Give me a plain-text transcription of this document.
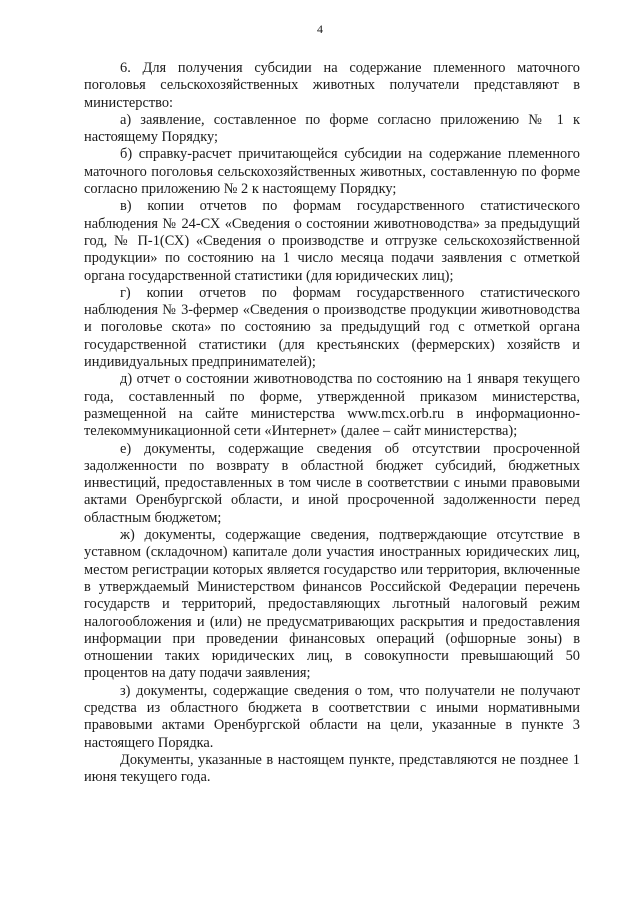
4

6. Для получения субсидии на содержание племенного маточного поголовья сельскохозяйственных животных получатели представляют в министерство:

а) заявление, составленное по форме согласно приложению № 1 к настоящему Порядку;

б) справку-расчет причитающейся субсидии на содержание племенного маточного поголовья сельскохозяйственных животных, составленную по форме согласно приложению № 2 к настоящему Порядку;

в) копии отчетов по формам государственного статистического наблюдения № 24-СХ «Сведения о состоянии животноводства» за предыдущий год, № П-1(СХ) «Сведения о производстве и отгрузке сельскохозяйственной продукции» по состоянию на 1 число месяца подачи заявления с отметкой органа государственной статистики (для юридических лиц);

г) копии отчетов по формам государственного статистического наблюдения № 3-фермер «Сведения о производстве продукции животноводства и поголовье скота» по состоянию за предыдущий год с отметкой органа государственной статистики (для крестьянских (фермерских) хозяйств и индивидуальных предпринимателей);

д) отчет о состоянии животноводства по состоянию на 1 января текущего года, составленный по форме, утвержденной приказом министерства, размещенной на сайте министерства www.mcx.orb.ru в информационно-телекоммуникационной сети «Интернет» (далее – сайт министерства);

е) документы, содержащие сведения об отсутствии просроченной задолженности по возврату в областной бюджет субсидий, бюджетных инвестиций, предоставленных в том числе в соответствии с иными правовыми актами Оренбургской области, и иной просроченной задолженности перед областным бюджетом;

ж) документы, содержащие сведения, подтверждающие отсутствие в уставном (складочном) капитале доли участия иностранных юридических лиц, местом регистрации которых является государство или территория, включенные в утверждаемый Министерством финансов Российской Федерации перечень государств и территорий, предоставляющих льготный налоговый режим налогообложения и (или) не предусматривающих раскрытия и предоставления информации при проведении финансовых операций (офшорные зоны) в отношении таких юридических лиц, в совокупности превышающий 50 процентов на дату подачи заявления;

з) документы, содержащие сведения о том, что получатели не получают средства из областного бюджета в соответствии с иными нормативными правовыми актами Оренбургской области на цели, указанные в пункте 3 настоящего Порядка.

Документы, указанные в настоящем пункте, представляются не позднее 1 июня текущего года.
